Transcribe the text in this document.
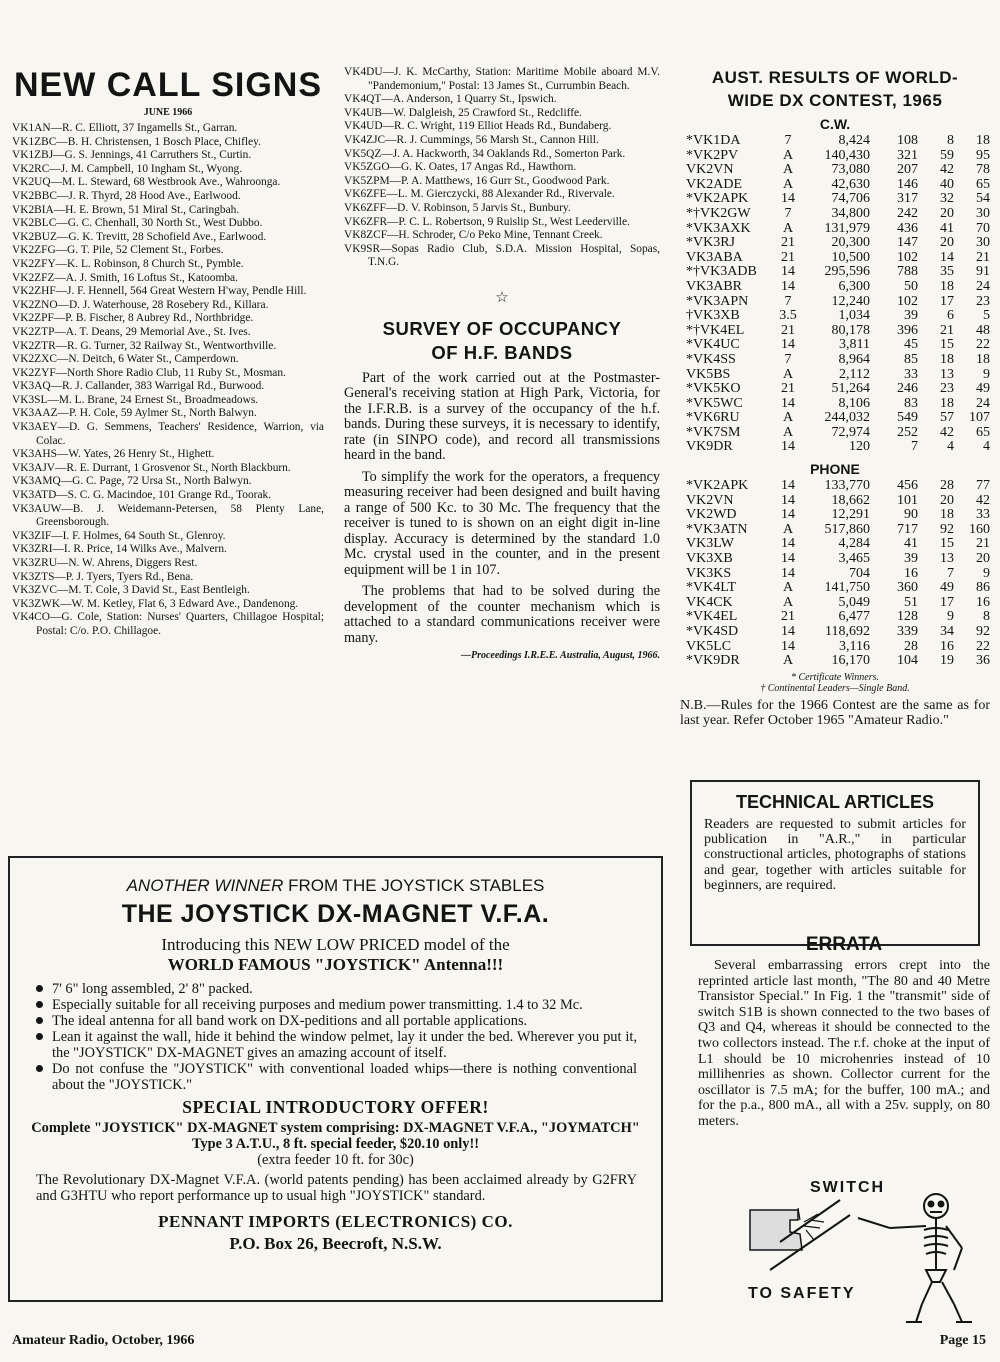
NEW CALL SIGNS
JUNE 1966
VK1AN—R. C. Elliott, 37 Ingamells St., Garran.
VK1ZBC—B. H. Christensen, 1 Bosch Place, Chifley.
VK1ZBJ—G. S. Jennings, 41 Carruthers St., Curtin.
VK2RC—J. M. Campbell, 10 Ingham St., Wyong.
VK2UQ—M. L. Steward, 68 Westbrook Ave., Wahroonga.
VK2BBC—J. R. Thyrd, 28 Hood Ave., Earlwood.
VK2BIA—H. E. Brown, 51 Miral St., Caringbah.
VK2BLC—G. C. Chenhall, 30 North St., West Dubbo.
VK2BUZ—G. K. Trevitt, 28 Schofield Ave., Earlwood.
VK2ZFG—G. T. Pile, 52 Clement St., Forbes.
VK2ZFY—K. L. Robinson, 8 Church St., Pymble.
VK2ZFZ—A. J. Smith, 16 Loftus St., Katoomba.
VK2ZHF—J. F. Hennell, 564 Great Western H'way, Pendle Hill.
VK2ZNO—D. J. Waterhouse, 28 Rosebery Rd., Killara.
VK2ZPF—P. B. Fischer, 8 Aubrey Rd., Northbridge.
VK2ZTP—A. T. Deans, 29 Memorial Ave., St. Ives.
VK2ZTR—R. G. Turner, 32 Railway St., Wentworthville.
VK2ZXC—N. Deitch, 6 Water St., Camperdown.
VK2ZYF—North Shore Radio Club, 11 Ruby St., Mosman.
VK3AQ—R. J. Callander, 383 Warrigal Rd., Burwood.
VK3SL—M. L. Brane, 24 Ernest St., Broadmeadows.
VK3AAZ—P. H. Cole, 59 Aylmer St., North Balwyn.
VK3AEY—D. G. Semmens, Teachers' Residence, Warrion, via Colac.
VK3AHS—W. Yates, 26 Henry St., Highett.
VK3AJV—R. E. Durrant, 1 Grosvenor St., North Blackburn.
VK3AMQ—G. C. Page, 72 Ursa St., North Balwyn.
VK3ATD—S. C. G. Macindoe, 101 Grange Rd., Toorak.
VK3AUW—B. J. Weidemann-Petersen, 58 Plenty Lane, Greensborough.
VK3ZIF—I. F. Holmes, 64 South St., Glenroy.
VK3ZRI—I. R. Price, 14 Wilks Ave., Malvern.
VK3ZRU—N. W. Ahrens, Diggers Rest.
VK3ZTS—P. J. Tyers, Tyers Rd., Bena.
VK3ZVC—M. T. Cole, 3 David St., East Bentleigh.
VK3ZWK—W. M. Ketley, Flat 6, 3 Edward Ave., Dandenong.
VK4CO—G. Cole, Station: Nurses' Quarters, Chillagoe Hospital; Postal: C/o. P.O. Chillagoe.
VK4DU—J. K. McCarthy, Station: Maritime Mobile aboard M.V. "Pandemonium," Postal: 13 James St., Currumbin Beach.
VK4QT—A. Anderson, 1 Quarry St., Ipswich.
VK4UB—W. Dalgleish, 25 Crawford St., Redcliffe.
VK4UD—R. C. Wright, 119 Elliot Heads Rd., Bundaberg.
VK4ZJC—R. J. Cummings, 56 Marsh St., Cannon Hill.
VK5QZ—J. A. Hackworth, 34 Oaklands Rd., Somerton Park.
VK5ZGO—G. K. Oates, 17 Angas Rd., Hawthorn.
VK5ZPM—P. A. Matthews, 16 Gurr St., Goodwood Park.
VK6ZFE—L. M. Gierczycki, 88 Alexander Rd., Rivervale.
VK6ZFF—D. V. Robinson, 5 Jarvis St., Bunbury.
VK6ZFR—P. C. L. Robertson, 9 Ruislip St., West Leederville.
VK8ZCF—H. Schroder, C/o Peko Mine, Tennant Creek.
VK9SR—Sopas Radio Club, S.D.A. Mission Hospital, Sopas, T.N.G.
☆
SURVEY OF OCCUPANCY
OF H.F. BANDS

Part of the work carried out at the Postmaster-General's receiving station at High Park, Victoria, for the I.F.R.B. is a survey of the occupancy of the h.f. bands. During these surveys, it is necessary to identify, rate (in SINPO code), and record all transmissions heard in the band.

To simplify the work for the operators, a frequency measuring receiver had been designed and built having a range of 500 Kc. to 30 Mc. The frequency that the receiver is tuned to is shown on an eight digit in-line display. Accuracy is determined by the standard 1.0 Mc. crystal used in the counter, and in the present equipment will be 1 in 107.

The problems that had to be solved during the development of the counter mechanism which is attached to a standard communications receiver were many.

—Proceedings I.R.E.E. Australia, August, 1966.
AUST. RESULTS OF WORLD-
WIDE DX CONTEST, 1965
C.W.
*VK1DA	7	8,424	108	8	18
*VK2PV	A	140,430	321	59	95
VK2VN	A	73,080	207	42	78
VK2ADE	A	42,630	146	40	65
*VK2APK	14	74,706	317	32	54
*†VK2GW	7	34,800	242	20	30
*VK3AXK	A	131,979	436	41	70
*VK3RJ	21	20,300	147	20	30
VK3ABA	21	10,500	102	14	21
*†VK3ADB	14	295,596	788	35	91
VK3ABR	14	6,300	50	18	24
*VK3APN	7	12,240	102	17	23
†VK3XB	3.5	1,034	39	6	5
*†VK4EL	21	80,178	396	21	48
*VK4UC	14	3,811	45	15	22
*VK4SS	7	8,964	85	18	18
VK5BS	A	2,112	33	13	9
*VK5KO	21	51,264	246	23	49
*VK5WC	14	8,106	83	18	24
*VK6RU	A	244,032	549	57	107
*VK7SM	A	72,974	252	42	65
VK9DR	14	120	7	4	4
PHONE
*VK2APK	14	133,770	456	28	77
VK2VN	14	18,662	101	20	42
VK2WD	14	12,291	90	18	33
*VK3ATN	A	517,860	717	92	160
VK3LW	14	4,284	41	15	21
VK3XB	14	3,465	39	13	20
VK3KS	14	704	16	7	9
*VK4LT	A	141,750	360	49	86
VK4CK	A	5,049	51	17	16
*VK4EL	21	6,477	128	9	8
*VK4SD	14	118,692	339	34	92
VK5LC	14	3,116	28	16	22
*VK9DR	A	16,170	104	19	36
* Certificate Winners.
† Continental Leaders—Single Band.
N.B.—Rules for the 1966 Contest are the same as for last year. Refer October 1965 "Amateur Radio."
TECHNICAL ARTICLES

Readers are requested to submit articles for publication in "A.R.," in particular constructional articles, photographs of stations and gear, together with articles suitable for beginners, are required.

ERRATA

Several embarrassing errors crept into the reprinted article last month, "The 80 and 40 Metre Transistor Special." In Fig. 1 the "transmit" side of switch S1B is shown connected to the two bases of Q3 and Q4, whereas it should be connected to the two collectors instead. The r.f. choke at the input of L1 should be 10 microhenries instead of 10 millihenries as shown. Collector current for the oscillator is 7.5 mA; for the buffer, 100 mA.; and for the p.a., 800 mA., all with a 25v. supply, on 80 meters.

SWITCH
TO SAFETY
ANOTHER WINNER FROM THE JOYSTICK STABLES
THE JOYSTICK DX-MAGNET V.F.A.
Introducing this NEW LOW PRICED model of the
WORLD FAMOUS "JOYSTICK" Antenna!!!
7' 6" long assembled, 2' 8" packed.
Especially suitable for all receiving purposes and medium power transmitting. 1.4 to 32 Mc.
The ideal antenna for all band work on DX-peditions and all portable applications.
Lean it against the wall, hide it behind the window pelmet, lay it under the bed. Wherever you put it, the "JOYSTICK" DX-MAGNET gives an amazing account of itself.
Do not confuse the "JOYSTICK" with conventional loaded whips—there is nothing conventional about the "JOYSTICK."
SPECIAL INTRODUCTORY OFFER!
Complete "JOYSTICK" DX-MAGNET system comprising: DX-MAGNET V.F.A., "JOYMATCH" Type 3 A.T.U., 8 ft. special feeder, $20.10 only!!
(extra feeder 10 ft. for 30c)
The Revolutionary DX-Magnet V.F.A. (world patents pending) has been acclaimed already by G2FRY and G3HTU who report performance up to usual high "JOYSTICK" standard.
PENNANT IMPORTS (ELECTRONICS) CO.
P.O. Box 26, Beecroft, N.S.W.
Amateur Radio, October, 1966	Page 15
